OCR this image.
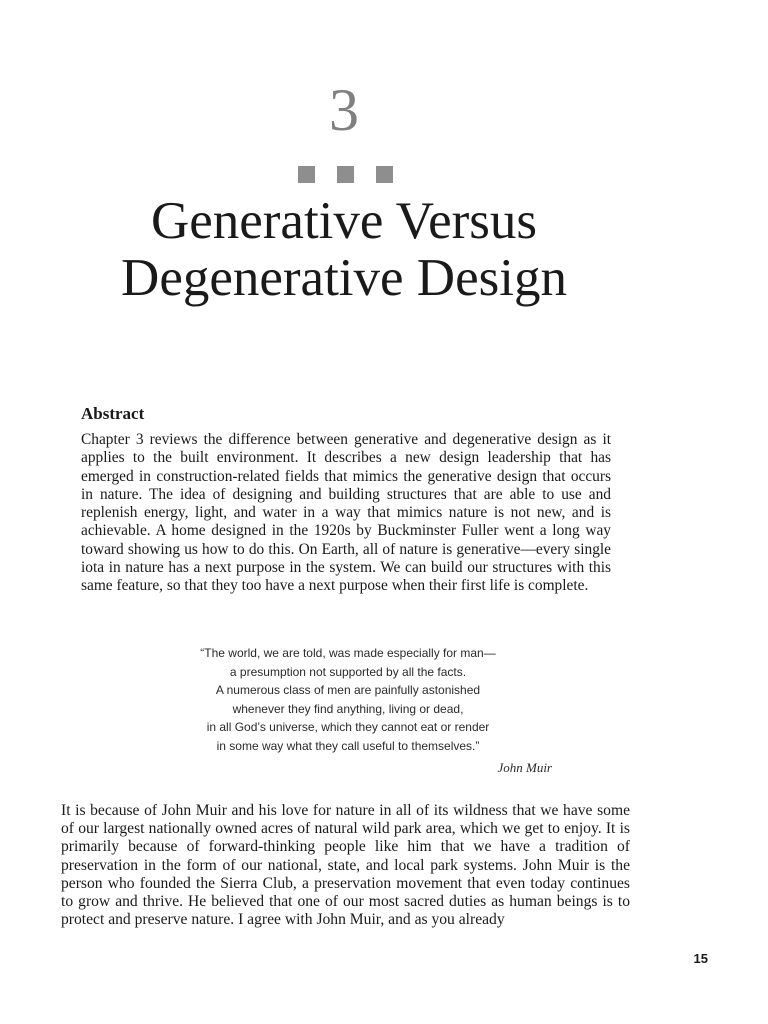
3
Generative Versus Degenerative Design
Abstract

Chapter 3 reviews the difference between generative and degenerative design as it applies to the built environment. It describes a new design leadership that has emerged in construction-related fields that mimics the generative design that occurs in nature. The idea of designing and building structures that are able to use and replenish energy, light, and water in a way that mimics nature is not new, and is achievable. A home designed in the 1920s by Buckminster Fuller went a long way toward showing us how to do this. On Earth, all of nature is generative—every single iota in nature has a next purpose in the system. We can build our structures with this same feature, so that they too have a next purpose when their first life is complete.

“The world, we are told, was made especially for man—
a presumption not supported by all the facts.
A numerous class of men are painfully astonished
whenever they find anything, living or dead,
in all God’s universe, which they cannot eat or render
in some way what they call useful to themselves.”
John Muir

It is because of John Muir and his love for nature in all of its wildness that we have some of our largest nationally owned acres of natural wild park area, which we get to enjoy. It is primarily because of forward-thinking people like him that we have a tradition of preservation in the form of our national, state, and local park systems. John Muir is the person who founded the Sierra Club, a preservation movement that even today continues to grow and thrive. He believed that one of our most sacred duties as human beings is to protect and preserve nature. I agree with John Muir, and as you already

15
